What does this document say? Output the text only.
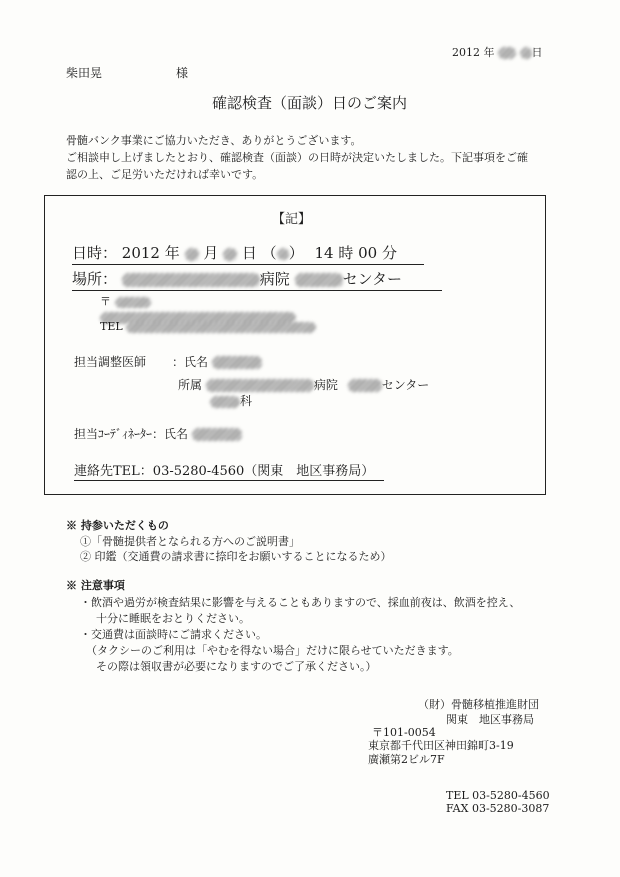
2012 年	日
柴田晃	様
確認検査（面談）日のご案内
骨髄バンク事業にご協力いただき、ありがとうございます。
ご相談申し上げましたとおり、確認検査（面談）の日時が決定いたしました。下記事項をご確
認の上、ご足労いただければ幸いです。
【記】
日時： 2012 年 月 日 （ ） 14 時 00 分
場所：	病院	センター
〒
TEL
担当調整医師 ：氏名
所属	病院	センター
科
担当ｺｰﾃﾞｨﾈｰﾀｰ：氏名
連絡先TEL：03-5280-4560（関東　地区事務局）
※ 持参いただくもの
①「骨髄提供者となられる方へのご説明書」
② 印鑑（交通費の請求書に捺印をお願いすることになるため）
※ 注意事項
・飲酒や過労が検査結果に影響を与えることもありますので、採血前夜は、飲酒を控え、
十分に睡眠をおとりください。
・交通費は面談時にご請求ください。
（タクシーのご利用は「やむを得ない場合」だけに限らせていただきます。
その際は領収書が必要になりますのでご了承ください。）
（財）骨髄移植推進財団
関東　地区事務局
〒101-0054
東京都千代田区神田錦町3-19
廣瀬第2ビル7F
TEL 03-5280-4560
FAX 03-5280-3087
